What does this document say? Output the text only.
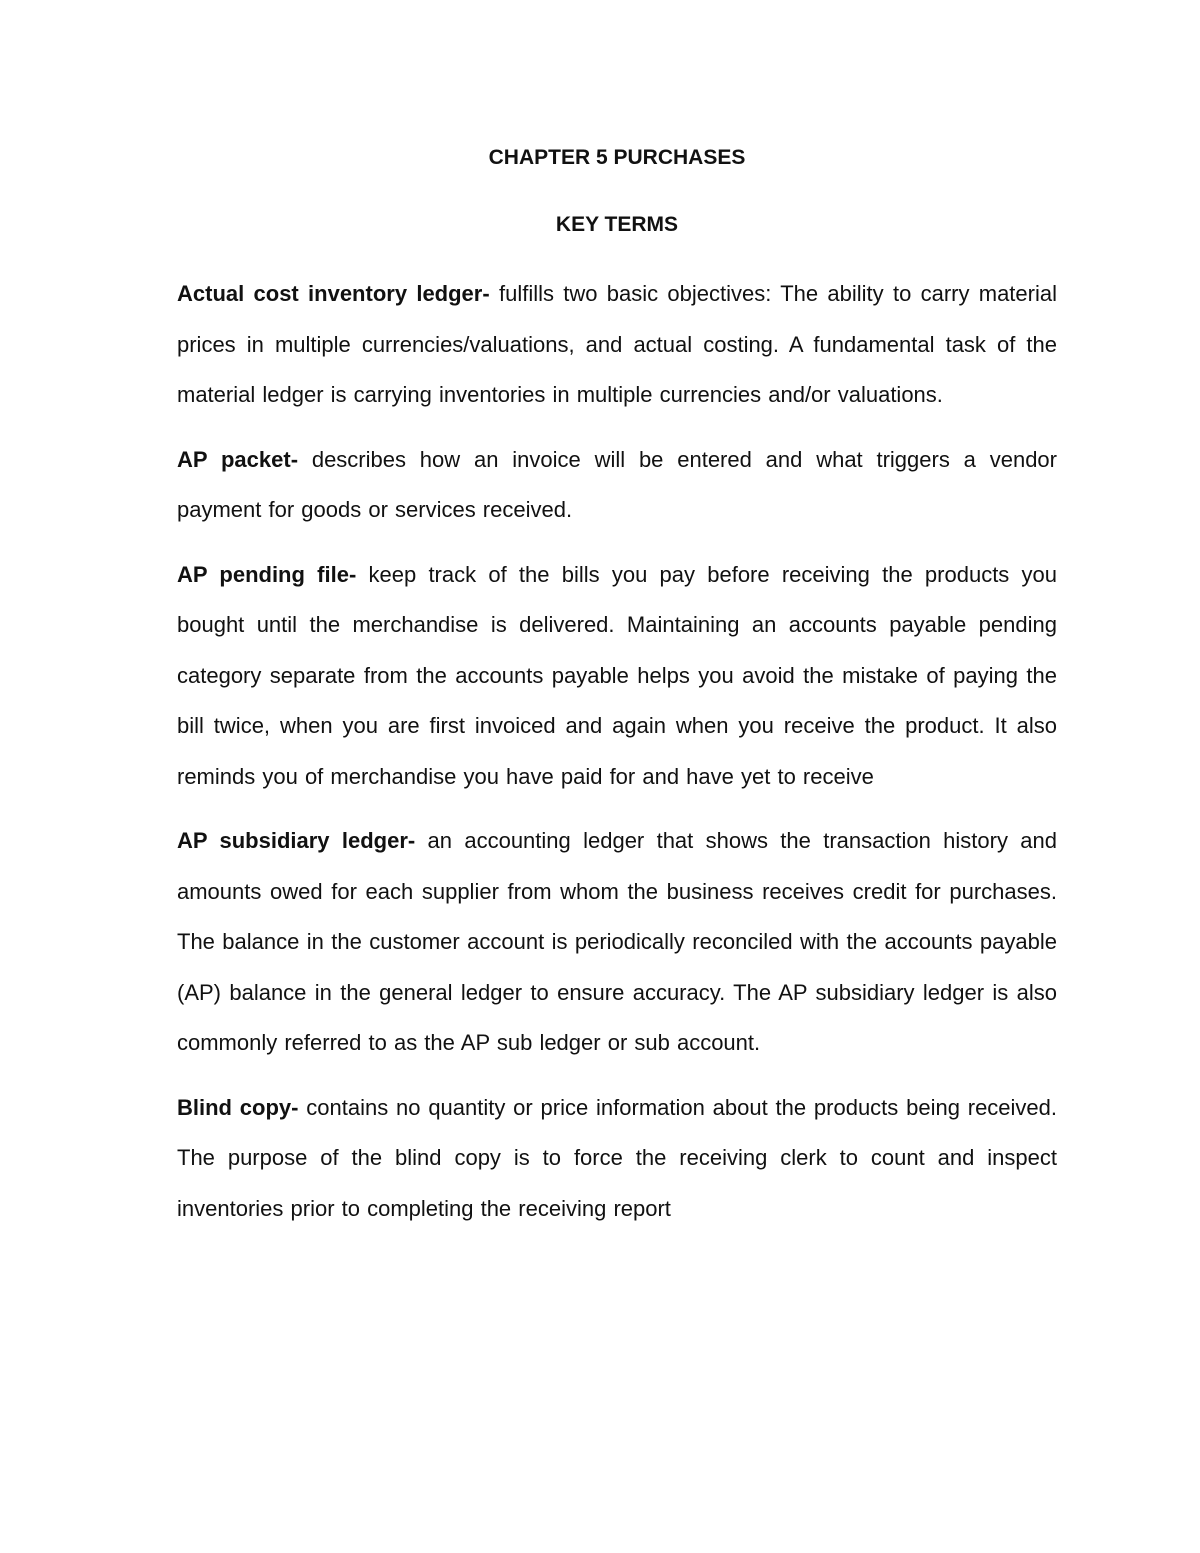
CHAPTER 5 PURCHASES

KEY TERMS

Actual cost inventory ledger- fulfills two basic objectives: The ability to carry material prices in multiple currencies/valuations, and actual costing. A fundamental task of the material ledger is carrying inventories in multiple currencies and/or valuations.

AP packet- describes how an invoice will be entered and what triggers a vendor payment for goods or services received.

AP pending file- keep track of the bills you pay before receiving the products you bought until the merchandise is delivered. Maintaining an accounts payable pending category separate from the accounts payable helps you avoid the mistake of paying the bill twice, when you are first invoiced and again when you receive the product. It also reminds you of merchandise you have paid for and have yet to receive

AP subsidiary ledger- an accounting ledger that shows the transaction history and amounts owed for each supplier from whom the business receives credit for purchases. The balance in the customer account is periodically reconciled with the accounts payable (AP) balance in the general ledger to ensure accuracy. The AP subsidiary ledger is also commonly referred to as the AP sub ledger or sub account.

Blind copy- contains no quantity or price information about the products being received. The purpose of the blind copy is to force the receiving clerk to count and inspect inventories prior to completing the receiving report
